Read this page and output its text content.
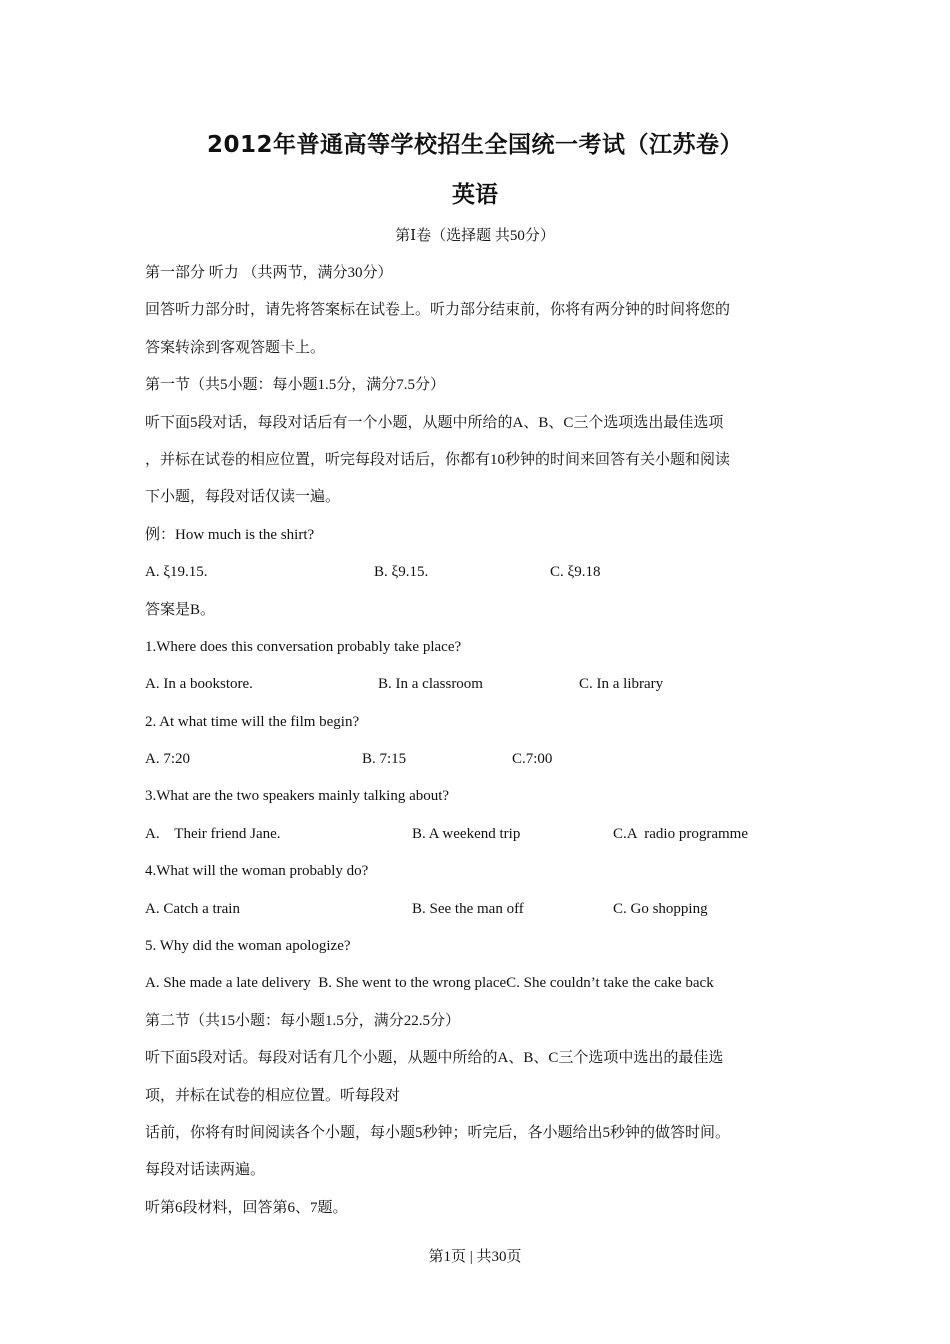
2012年普通高等学校招生全国统一考试（江苏卷）
英语
第Ⅰ卷（选择题 共50分）
第一部分 听力 （共两节，满分30分）
回答听力部分时，请先将答案标在试卷上。听力部分结束前，你将有两分钟的时间将您的
答案转涂到客观答题卡上。
第一节（共5小题：每小题1.5分，满分7.5分）
听下面5段对话，每段对话后有一个小题，从题中所给的A、B、C三个选项选出最佳选项
，并标在试卷的相应位置，听完每段对话后，你都有10秒钟的时间来回答有关小题和阅读
下小题，每段对话仅读一遍。
例：How much is the shirt?
A. ξ19.15.	B. ξ9.15.	C. ξ9.18
答案是B。
1.Where does this conversation probably take place?
A. In a bookstore.	B. In a classroom	C. In a library
2. At what time will the film begin?
A. 7:20	B. 7:15	C.7:00
3.What are the two speakers mainly talking about?
A.    Their friend Jane.	B. A weekend trip	C.A  radio programme
4.What will the woman probably do?
A. Catch a train	B. See the man off	C. Go shopping
5. Why did the woman apologize?
A. She made a late delivery  B. She went to the wrong placeC. She couldn’t take the cake back
第二节（共15小题：每小题1.5分，满分22.5分）
听下面5段对话。每段对话有几个小题，从题中所给的A、B、C三个选项中选出的最佳选
项，并标在试卷的相应位置。听每段对
话前，你将有时间阅读各个小题，每小题5秒钟；听完后，各小题给出5秒钟的做答时间。
每段对话读两遍。
听第6段材料，回答第6、7题。
第1页 | 共30页
